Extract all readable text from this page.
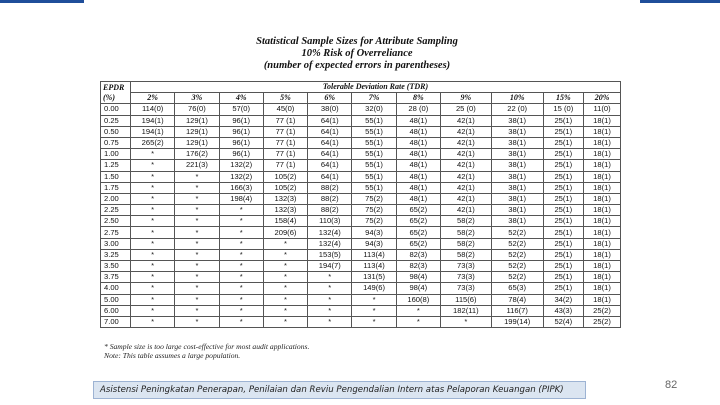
Statistical Sample Sizes for Attribute Sampling
10% Risk of Overreliance
(number of expected errors in parentheses)
EPDR
(%)	Tolerable Deviation Rate (TDR)										
	2%	3%	4%	5%	6%	7%	8%	9%	10%	15%	20%
0.00	114(0)	76(0)	57(0)	45(0)	38(0)	32(0)	28 (0)	25 (0)	22 (0)	15 (0)	11(0)
0.25	194(1)	129(1)	96(1)	77 (1)	64(1)	55(1)	48(1)	42(1)	38(1)	25(1)	18(1)
0.50	194(1)	129(1)	96(1)	77 (1)	64(1)	55(1)	48(1)	42(1)	38(1)	25(1)	18(1)
0.75	265(2)	129(1)	96(1)	77 (1)	64(1)	55(1)	48(1)	42(1)	38(1)	25(1)	18(1)
1.00	*	176(2)	96(1)	77 (1)	64(1)	55(1)	48(1)	42(1)	38(1)	25(1)	18(1)
1.25	*	221(3)	132(2)	77 (1)	64(1)	55(1)	48(1)	42(1)	38(1)	25(1)	18(1)
1.50	*	*	132(2)	105(2)	64(1)	55(1)	48(1)	42(1)	38(1)	25(1)	18(1)
1.75	*	*	166(3)	105(2)	88(2)	55(1)	48(1)	42(1)	38(1)	25(1)	18(1)
2.00	*	*	198(4)	132(3)	88(2)	75(2)	48(1)	42(1)	38(1)	25(1)	18(1)
2.25	*	*	*	132(3)	88(2)	75(2)	65(2)	42(1)	38(1)	25(1)	18(1)
2.50	*	*	*	158(4)	110(3)	75(2)	65(2)	58(2)	38(1)	25(1)	18(1)
2.75	*	*	*	209(6)	132(4)	94(3)	65(2)	58(2)	52(2)	25(1)	18(1)
3.00	*	*	*	*	132(4)	94(3)	65(2)	58(2)	52(2)	25(1)	18(1)
3.25	*	*	*	*	153(5)	113(4)	82(3)	58(2)	52(2)	25(1)	18(1)
3.50	*	*	*	*	194(7)	113(4)	82(3)	73(3)	52(2)	25(1)	18(1)
3.75	*	*	*	*	*	131(5)	98(4)	73(3)	52(2)	25(1)	18(1)
4.00	*	*	*	*	*	149(6)	98(4)	73(3)	65(3)	25(1)	18(1)
5.00	*	*	*	*	*	*	160(8)	115(6)	78(4)	34(2)	18(1)
6.00	*	*	*	*	*	*	*	182(11)	116(7)	43(3)	25(2)
7.00	*	*	*	*	*	*	*	*	199(14)	52(4)	25(2)
* Sample size is too large cost-effective for most audit applications.
Note: This table assumes a large population.
Asistensi Peningkatan Penerapan, Penilaian dan Reviu Pengendalian Intern atas Pelaporan Keuangan (PIPK)	82
